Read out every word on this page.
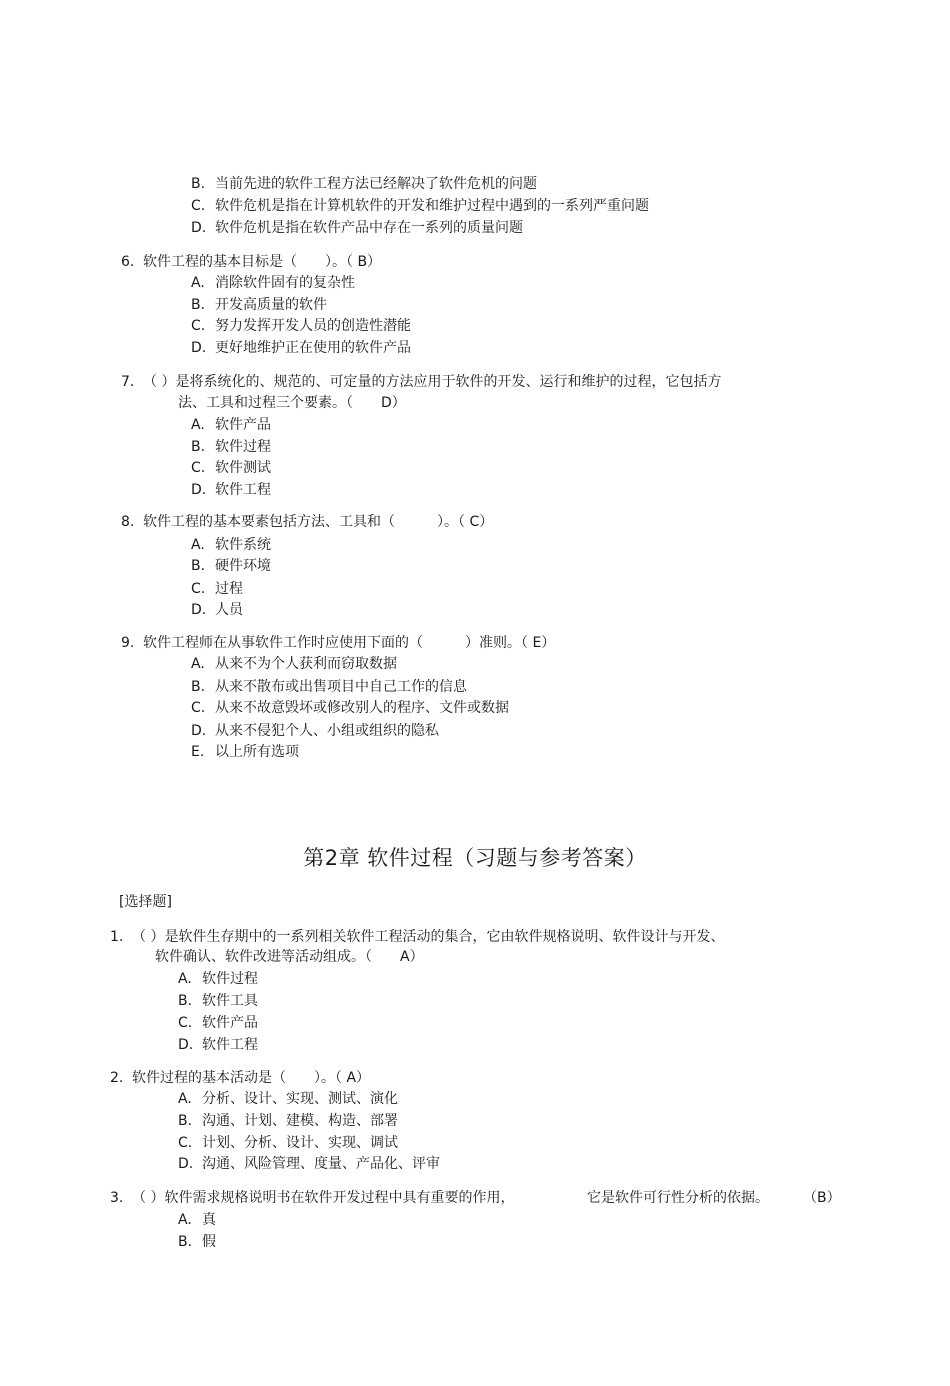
B. 当前先进的软件工程方法已经解决了软件危机的问题
C. 软件危机是指在计算机软件的开发和维护过程中遇到的一系列严重问题
D. 软件危机是指在软件产品中存在一系列的质量问题
6. 软件工程的基本目标是（　　）。（ B）
A. 消除软件固有的复杂性
B. 开发高质量的软件
C. 努力发挥开发人员的创造性潜能
D. 更好地维护正在使用的软件产品
7. （ ）是将系统化的、规范的、可定量的方法应用于软件的开发、运行和维护的过程，它包括方
法、工具和过程三个要素。（　　D）
A. 软件产品
B. 软件过程
C. 软件测试
D. 软件工程
8. 软件工程的基本要素包括方法、工具和（　　　）。（ C）
A. 软件系统
B. 硬件环境
C. 过程
D. 人员
9. 软件工程师在从事软件工作时应使用下面的（　　　）准则。（ E）
A. 从来不为个人获利而窃取数据
B. 从来不散布或出售项目中自己工作的信息
C. 从来不故意毁坏或修改别人的程序、文件或数据
D. 从来不侵犯个人、小组或组织的隐私
E. 以上所有选项
第2章 软件过程（习题与参考答案）
[选择题]
1. （ ）是软件生存期中的一系列相关软件工程活动的集合，它由软件规格说明、软件设计与开发、
软件确认、软件改进等活动组成。（　　A）
A. 软件过程
B. 软件工具
C. 软件产品
D. 软件工程
2. 软件过程的基本活动是（　　）。（ A）
A. 分析、设计、实现、测试、演化
B. 沟通、计划、建模、构造、部署
C. 计划、分析、设计、实现、调试
D. 沟通、风险管理、度量、产品化、评审
3. （ ）软件需求规格说明书在软件开发过程中具有重要的作用，	它是软件可行性分析的依据。 （B）
A. 真
B. 假
